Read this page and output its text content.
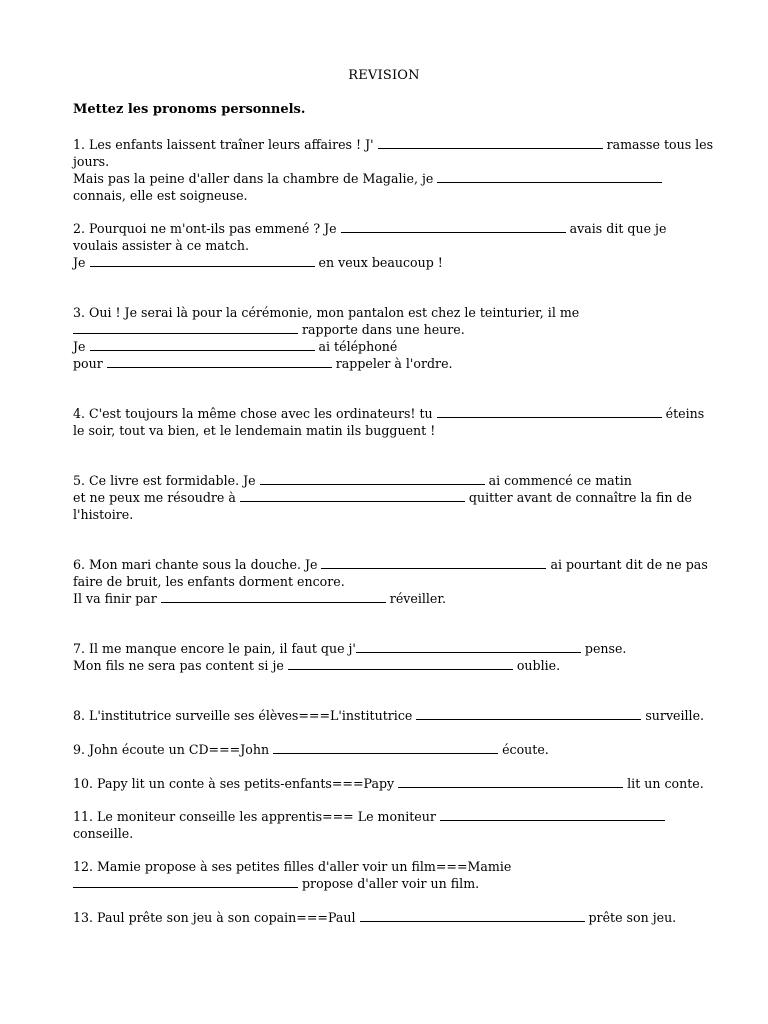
REVISION
Mettez les pronoms personnels.
1. Les enfants laissent traîner leurs affaires ! J'	ramasse tous les
jours.
Mais pas la peine d'aller dans la chambre de Magalie, je
connais, elle est soigneuse.
2. Pourquoi ne m'ont-ils pas emmené ? Je	avais dit que je
voulais assister à ce match.
Je	en veux beaucoup !
3. Oui ! Je serai là pour la cérémonie, mon pantalon est chez le teinturier, il me
rapporte dans une heure.
Je	ai téléphoné
pour	rappeler à l'ordre.
4. C'est toujours la même chose avec les ordinateurs! tu	éteins
le soir, tout va bien, et le lendemain matin ils bugguent !
5. Ce livre est formidable. Je	ai commencé ce matin
et ne peux me résoudre à	quitter avant de connaître la fin de
l'histoire.
6. Mon mari chante sous la douche. Je	ai pourtant dit de ne pas
faire de bruit, les enfants dorment encore.
Il va finir par	réveiller.
7. Il me manque encore le pain, il faut que j'	pense.
Mon fils ne sera pas content si je	oublie.
8. L'institutrice surveille ses élèves===L'institutrice	surveille.
9. John écoute un CD===John	écoute.
10. Papy lit un conte à ses petits-enfants===Papy	lit un conte.
11. Le moniteur conseille les apprentis=== Le moniteur
conseille.
12. Mamie propose à ses petites filles d'aller voir un film===Mamie
propose d'aller voir un film.
13. Paul prête son jeu à son copain===Paul	prête son jeu.
